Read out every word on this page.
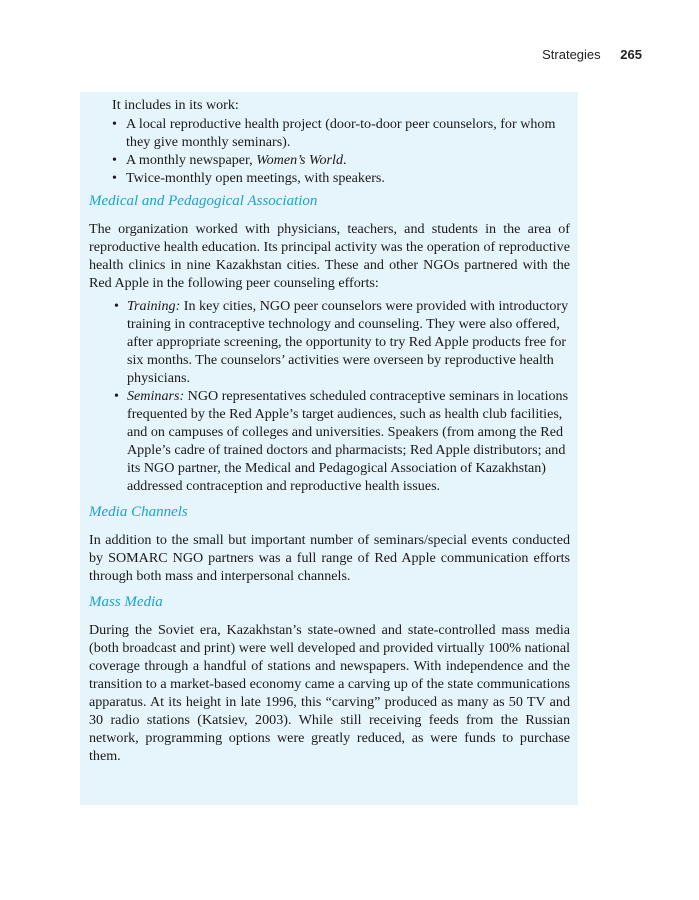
Strategies 265

It includes in its work:

• A local reproductive health project (door-to-door peer counselors, for whom they give monthly seminars).
• A monthly newspaper, Women’s World.
• Twice-monthly open meetings, with speakers.
Medical and Pedagogical Association

The organization worked with physicians, teachers, and students in the area of reproductive health education. Its principal activity was the operation of reproductive health clinics in nine Kazakhstan cities. These and other NGOs partnered with the Red Apple in the following peer counseling efforts:

• Training: In key cities, NGO peer counselors were provided with introductory training in contraceptive technology and counseling. They were also offered, after appropriate screening, the opportunity to try Red Apple products free for six months. The counselors’ activities were overseen by reproductive health physicians.
• Seminars: NGO representatives scheduled contraceptive seminars in locations frequented by the Red Apple’s target audiences, such as health club facilities, and on campuses of colleges and universities. Speakers (from among the Red Apple’s cadre of trained doctors and pharmacists; Red Apple distributors; and its NGO partner, the Medical and Pedagogical Association of Kazakhstan) addressed contraception and reproductive health issues.
Media Channels

In addition to the small but important number of seminars/special events conducted by SOMARC NGO partners was a full range of Red Apple communication efforts through both mass and interpersonal channels.

Mass Media

During the Soviet era, Kazakhstan’s state-owned and state-controlled mass media (both broadcast and print) were well developed and provided virtually 100% national coverage through a handful of stations and newspapers. With independence and the transition to a market-based economy came a carving up of the state communications apparatus. At its height in late 1996, this “carving” produced as many as 50 TV and 30 radio stations (Katsiev, 2003). While still receiving feeds from the Russian network, programming options were greatly reduced, as were funds to purchase them.
